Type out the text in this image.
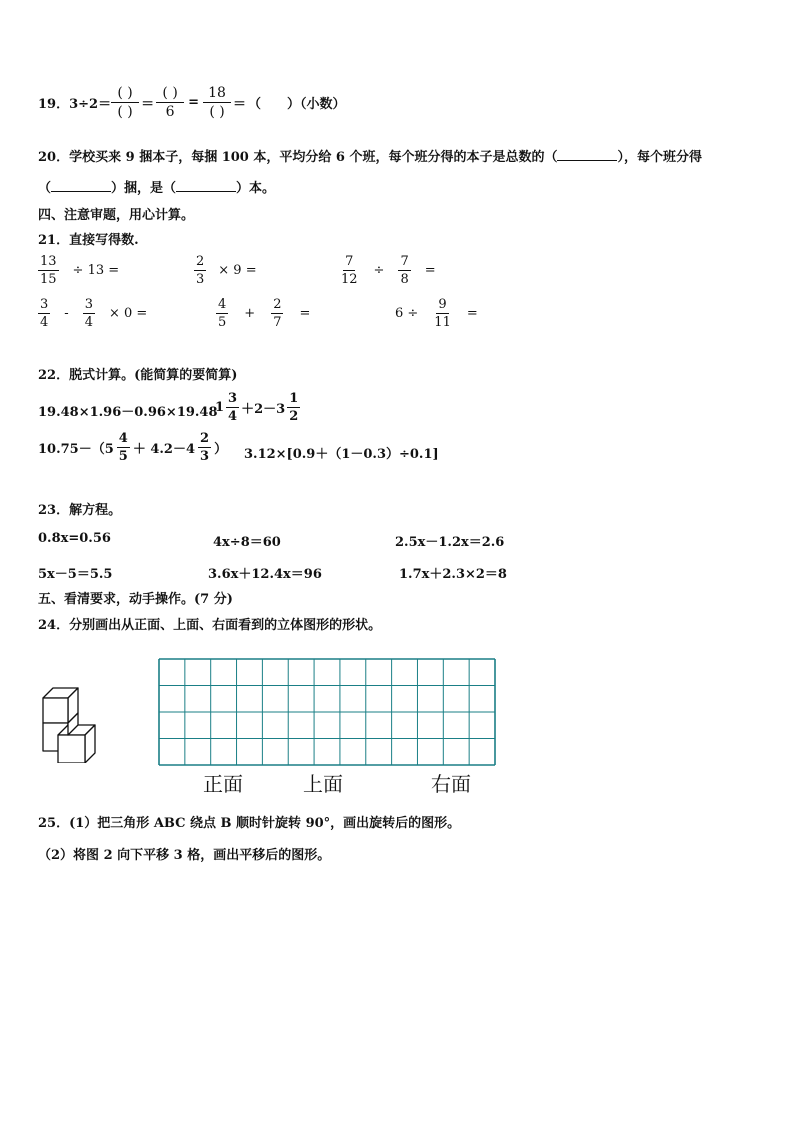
19．$3\div 2= \frac{( )}{( )} = \frac{( )}{6} = \frac{18}{( )}$ ＝ （　　）（小数）
20．学校买来 9 捆本子，每捆 100 本，平均分给 6 个班，每个班分得的本子是总数的（	），每个班分得
（	）捆，是（	）本。
四、注意审题，用心计算。
21．直接写得数.
$\frac{13}{15} \div 13$ =	$\frac{2}{3} \times 9$ =	$\frac{7}{12} \div \frac{7}{8}$ =
$\frac{3}{4} - \frac{3}{4} \times 0$ =	$\frac{4}{5} + \frac{2}{7}$ =	$6 \div \frac{9}{11}$ =
22．脱式计算。(能简算的要简算)
19.48×1.96－0.96×19.48
$1 \frac{3}{4} +2-3 \frac{1}{2}$
$10.75-(5 \frac{4}{5} + 4.2-4 \frac{2}{3}$ ） 3.12×[0.9＋（1－0.3）÷0.1]
23．解方程。
0.8x=0.56	4x÷8＝60	2.5x－1.2x＝2.6
5x－5＝5.5	3.6x＋12.4x＝96	1.7x＋2.3×2＝8
五、看清要求，动手操作。(7 分)
24．分别画出从正面、上面、右面看到的立体图形的形状。
正面	上面	右面
25．(1）把三角形 ABC 绕点 B 顺时针旋转 90°，画出旋转后的图形。
（2）将图 2 向下平移 3 格，画出平移后的图形。
